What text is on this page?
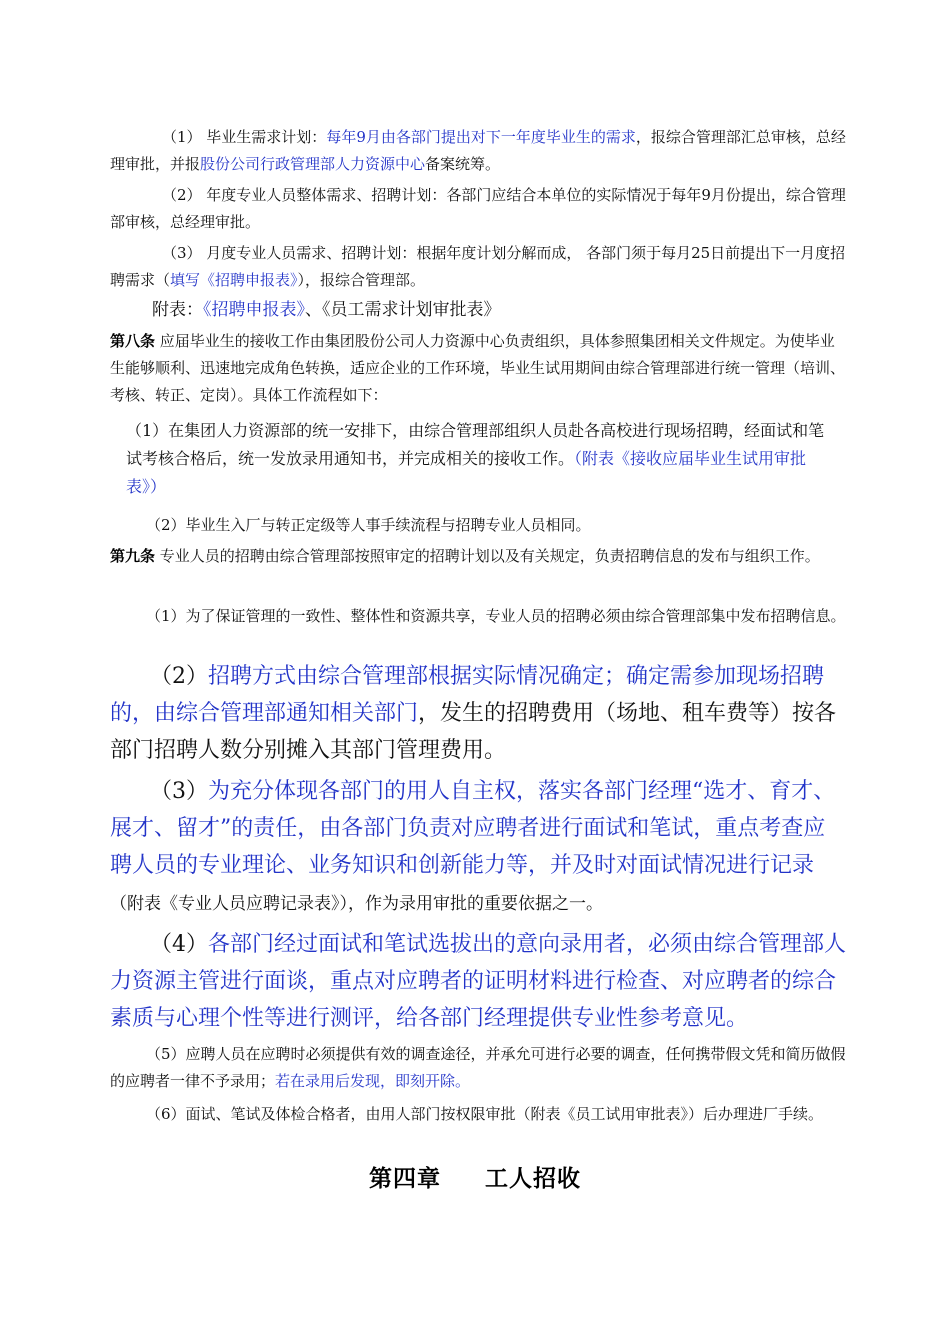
（1） 毕业生需求计划：每年9月由各部门提出对下一年度毕业生的需求，报综合管理部汇总审核，总经理审批，并报股份公司行政管理部人力资源中心备案统筹。

（2） 年度专业人员整体需求、招聘计划：各部门应结合本单位的实际情况于每年9月份提出，综合管理部审核，总经理审批。

（3） 月度专业人员需求、招聘计划：根据年度计划分解而成， 各部门须于每月25日前提出下一月度招聘需求（填写《招聘申报表》），报综合管理部。

附表：《招聘申报表》、《员工需求计划审批表》

第八条 应届毕业生的接收工作由集团股份公司人力资源中心负责组织，具体参照集团相关文件规定。为使毕业生能够顺利、迅速地完成角色转换，适应企业的工作环境，毕业生试用期间由综合管理部进行统一管理（培训、考核、转正、定岗）。具体工作流程如下：

（1）在集团人力资源部的统一安排下，由综合管理部组织人员赴各高校进行现场招聘，经面试和笔试考核合格后，统一发放录用通知书，并完成相关的接收工作。（附表《接收应届毕业生试用审批表》）

（2）毕业生入厂与转正定级等人事手续流程与招聘专业人员相同。

第九条 专业人员的招聘由综合管理部按照审定的招聘计划以及有关规定，负责招聘信息的发布与组织工作。

（1）为了保证管理的一致性、整体性和资源共享，专业人员的招聘必须由综合管理部集中发布招聘信息。

（2）招聘方式由综合管理部根据实际情况确定；确定需参加现场招聘的，由综合管理部通知相关部门，发生的招聘费用（场地、租车费等）按各部门招聘人数分别摊入其部门管理费用。

（3）为充分体现各部门的用人自主权，落实各部门经理“选才、育才、展才、留才”的责任，由各部门负责对应聘者进行面试和笔试，重点考查应聘人员的专业理论、业务知识和创新能力等，并及时对面试情况进行记录（附表《专业人员应聘记录表》），作为录用审批的重要依据之一。

（4）各部门经过面试和笔试选拔出的意向录用者，必须由综合管理部人力资源主管进行面谈，重点对应聘者的证明材料进行检查、对应聘者的综合素质与心理个性等进行测评，给各部门经理提供专业性参考意见。

（5）应聘人员在应聘时必须提供有效的调查途径，并承允可进行必要的调查，任何携带假文凭和简历做假的应聘者一律不予录用；若在录用后发现，即刻开除。

（6）面试、笔试及体检合格者，由用人部门按权限审批（附表《员工试用审批表》）后办理进厂手续。

第四章 工人招收
